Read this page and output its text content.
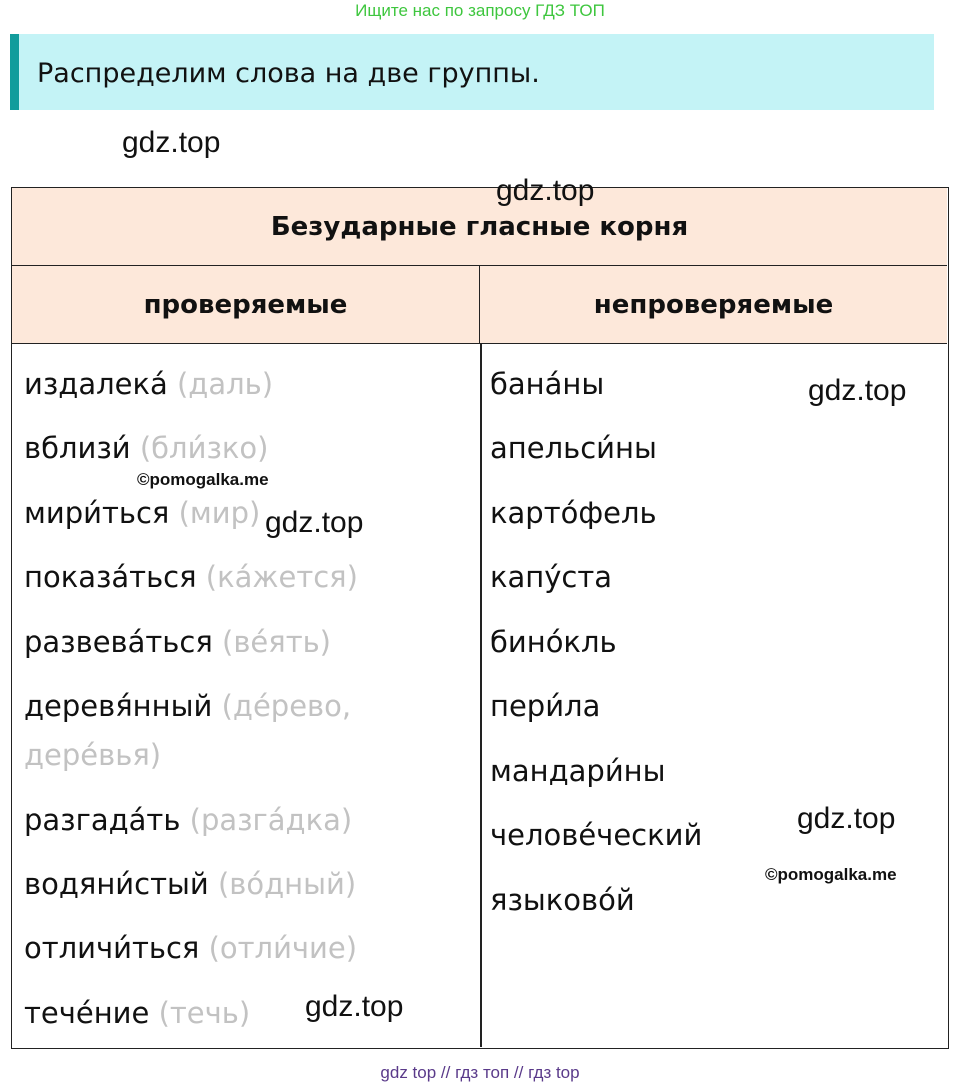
Ищите нас по запросу ГДЗ ТОП
Распределим слова на две группы.
gdz.top
Безударные гласные корня
проверяемые	непроверяемые
издалека́ (даль)
вблизи́ (бли́зко)
мири́ться (мир)
показа́ться (ка́жется)
развева́ться (ве́ять)
деревя́нный (де́рево,
дере́вья)
разгада́ть (разга́дка)
водяни́стый (во́дный)
отличи́ться (отли́чие)
тече́ние (течь)
бана́ны
апельси́ны
карто́фель
капу́ста
бино́кль
пери́ла
мандари́ны
челове́ческий
языково́й
gdz.top
gdz.top
gdz.top
gdz.top
gdz.top
©pomogalka.me
©pomogalka.me
gdz top // гдз топ // гдз top
